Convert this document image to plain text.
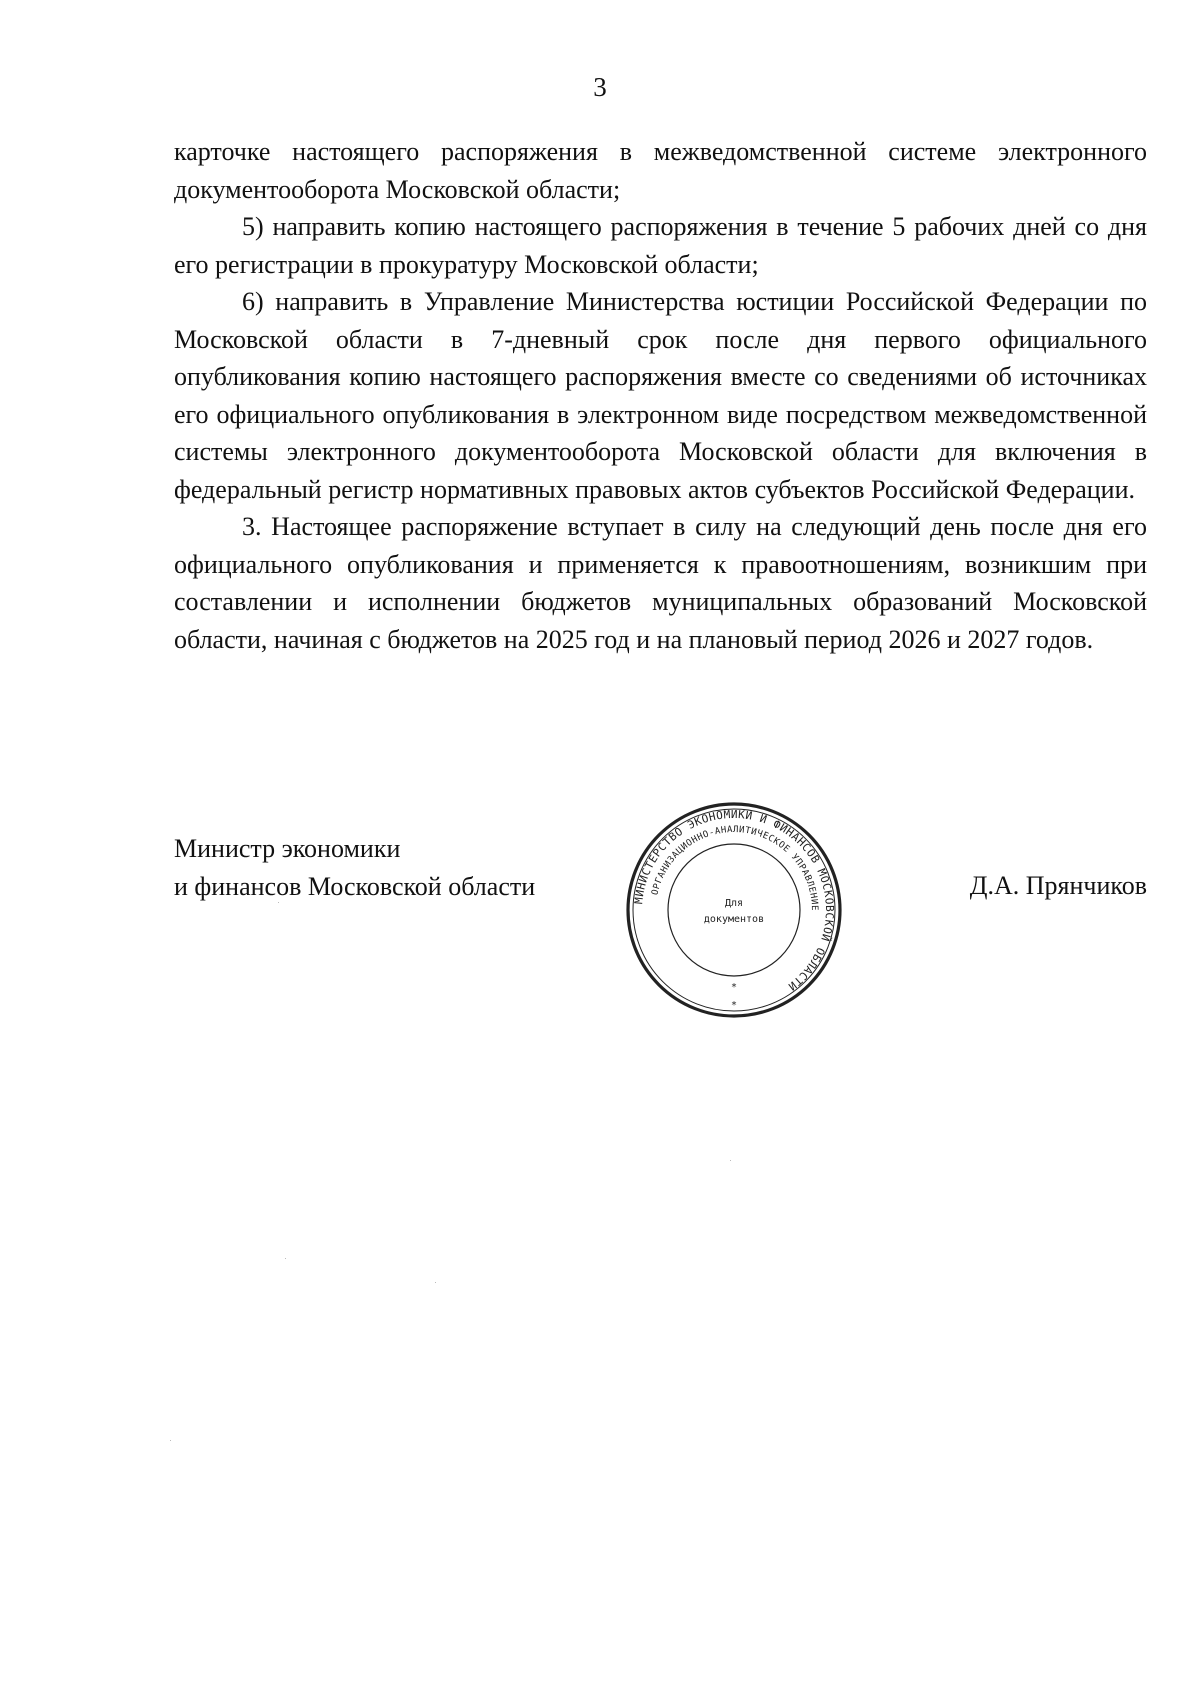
3

карточке настоящего распоряжения в межведомственной системе электронного документооборота Московской области;

5) направить копию настоящего распоряжения в течение 5 рабочих дней со дня его регистрации в прокуратуру Московской области;

6) направить в Управление Министерства юстиции Российской Федерации по Московской области в 7-дневный срок после дня первого официального опубликования копию настоящего распоряжения вместе со сведениями об источниках его официального опубликования в электронном виде посредством межведомственной системы электронного документооборота Московской области для включения в федеральный регистр нормативных правовых актов субъектов Российской Федерации.

3. Настоящее распоряжение вступает в силу на следующий день после дня его официального опубликования и применяется к правоотношениям, возникшим при составлении и исполнении бюджетов муниципальных образований Московской области, начиная с бюджетов на 2025 год и на плановый период 2026 и 2027 годов.

Министр экономики
и финансов Московской области	МИНИСТЕРСТВО ЭКОНОМИКИ И ФИНАНСОВ МОСКОВСКОЙ ОБЛАСТИ
ОРГАНИЗАЦИОННО-АНАЛИТИЧЕСКОЕ УПРАВЛЕНИЕ
Для
документов
*
*
Д.А. Прянчиков
